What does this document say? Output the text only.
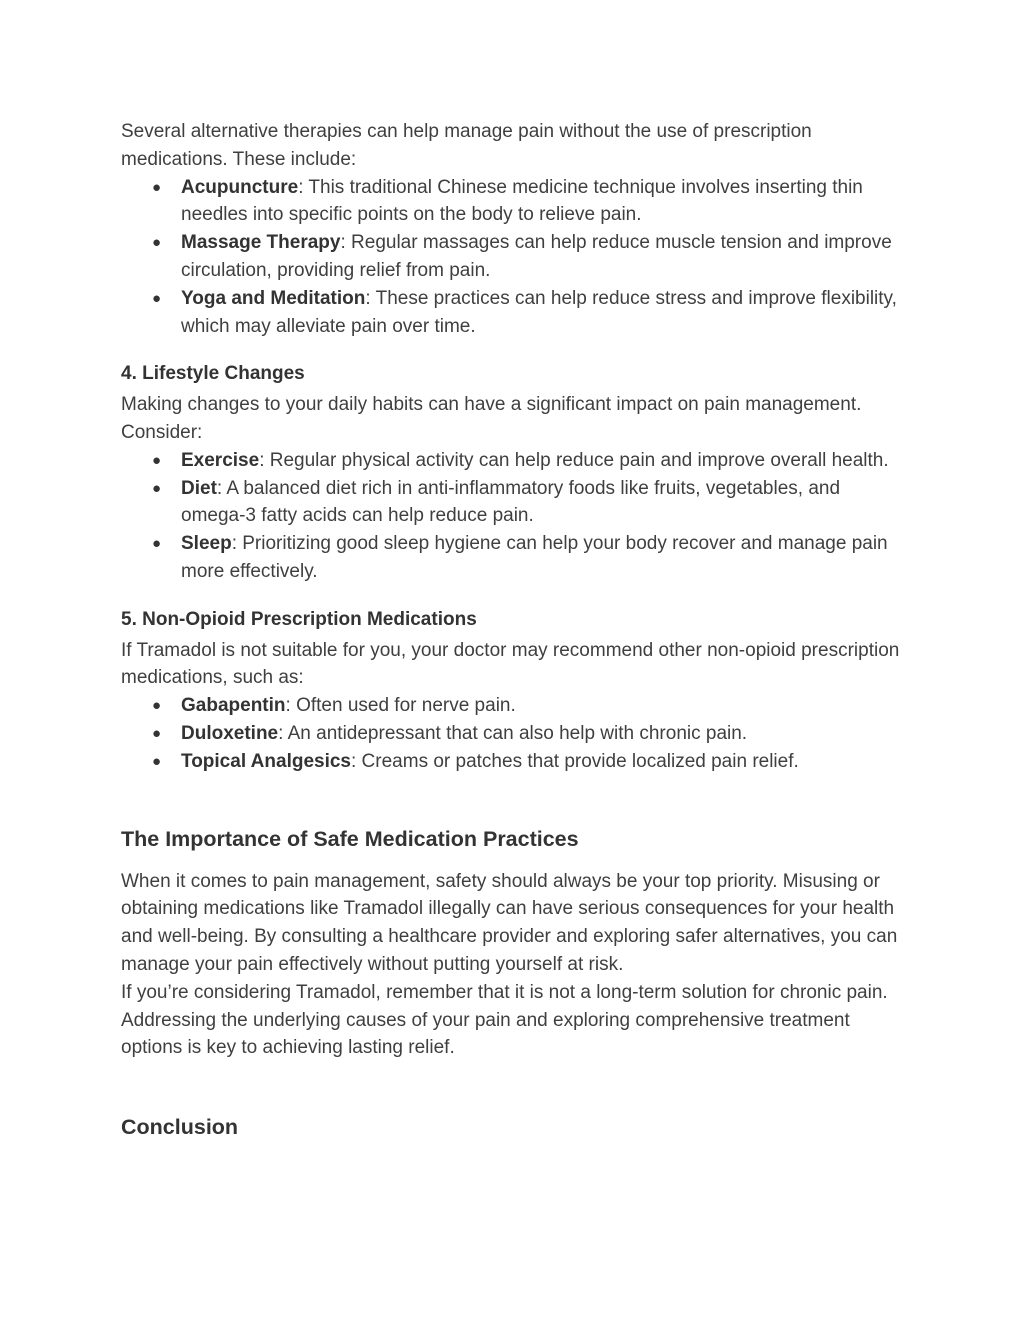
Several alternative therapies can help manage pain without the use of prescription medications. These include:

● Acupuncture: This traditional Chinese medicine technique involves inserting thin needles into specific points on the body to relieve pain.
● Massage Therapy: Regular massages can help reduce muscle tension and improve circulation, providing relief from pain.
● Yoga and Meditation: These practices can help reduce stress and improve flexibility, which may alleviate pain over time.
4. Lifestyle Changes

Making changes to your daily habits can have a significant impact on pain management. Consider:

● Exercise: Regular physical activity can help reduce pain and improve overall health.
● Diet: A balanced diet rich in anti-inflammatory foods like fruits, vegetables, and omega-3 fatty acids can help reduce pain.
● Sleep: Prioritizing good sleep hygiene can help your body recover and manage pain more effectively.
5. Non-Opioid Prescription Medications

If Tramadol is not suitable for you, your doctor may recommend other non-opioid prescription medications, such as:

● Gabapentin: Often used for nerve pain.
● Duloxetine: An antidepressant that can also help with chronic pain.
● Topical Analgesics: Creams or patches that provide localized pain relief.
The Importance of Safe Medication Practices

When it comes to pain management, safety should always be your top priority. Misusing or obtaining medications like Tramadol illegally can have serious consequences for your health and well-being. By consulting a healthcare provider and exploring safer alternatives, you can manage your pain effectively without putting yourself at risk.

If you’re considering Tramadol, remember that it is not a long-term solution for chronic pain. Addressing the underlying causes of your pain and exploring comprehensive treatment options is key to achieving lasting relief.

Conclusion
